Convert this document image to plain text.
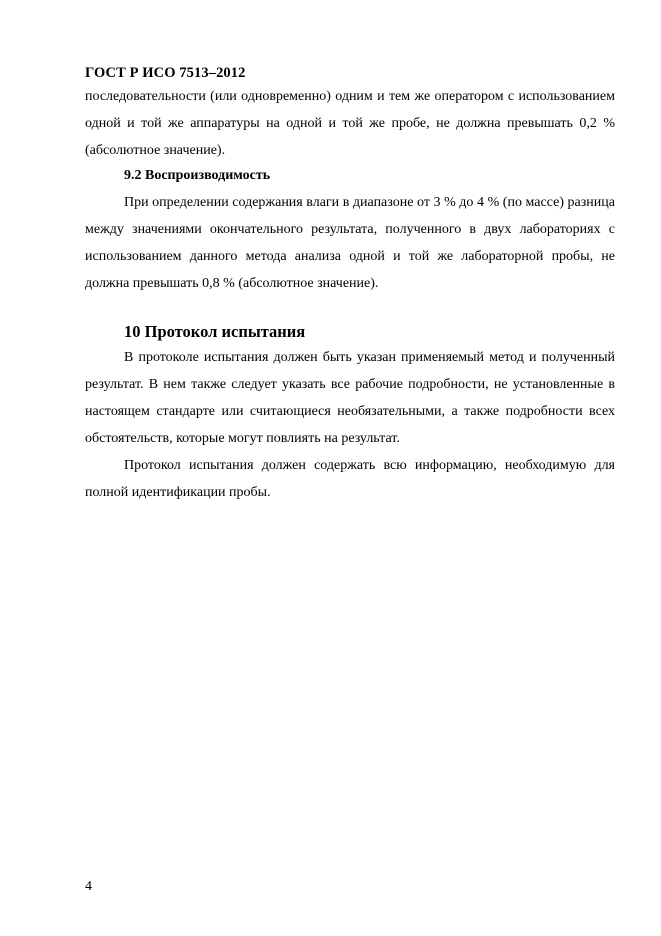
ГОСТ Р ИСО 7513–2012
последовательности (или одновременно) одним и тем же оператором с использованием одной и той же аппаратуры на одной и той же пробе, не должна превышать 0,2 % (абсолютное значение).
9.2 Воспроизводимость
При определении содержания влаги в диапазоне от 3 % до 4 % (по массе) разница между значениями окончательного результата, полученного в двух лабораториях с использованием данного метода анализа одной и той же лабораторной пробы, не должна превышать 0,8 % (абсолютное значение).
10 Протокол испытания
В протоколе испытания должен быть указан применяемый метод и полученный результат. В нем также следует указать все рабочие подробности, не установленные в настоящем стандарте или считающиеся необязательными, а также подробности всех обстоятельств, которые могут повлиять на результат.
Протокол испытания должен содержать всю информацию, необходимую для полной идентификации пробы.
4
